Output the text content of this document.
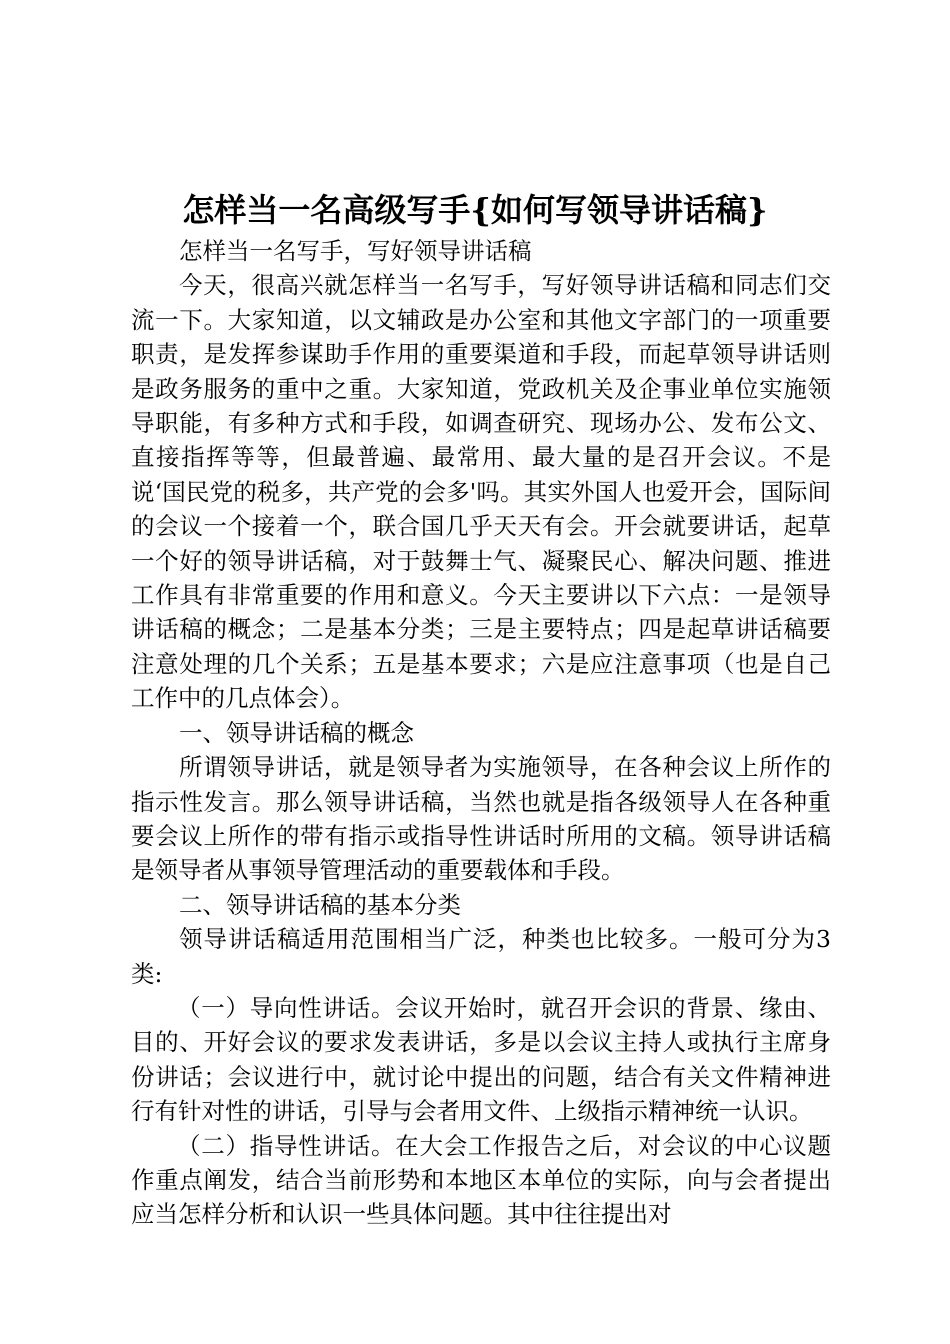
怎样当一名高级写手{如何写领导讲话稿}

怎样当一名写手，写好领导讲话稿

今天，很高兴就怎样当一名写手，写好领导讲话稿和同志们交流一下。大家知道，以文辅政是办公室和其他文字部门的一项重要职责，是发挥参谋助手作用的重要渠道和手段，而起草领导讲话则是政务服务的重中之重。大家知道，党政机关及企事业单位实施领导职能，有多种方式和手段，如调查研究、现场办公、发布公文、直接指挥等等，但最普遍、最常用、最大量的是召开会议。不是说‘国民党的税多，共产党的会多'吗。其实外国人也爱开会，国际间的会议一个接着一个，联合国几乎天天有会。开会就要讲话，起草一个好的领导讲话稿，对于鼓舞士气、凝聚民心、解决问题、推进工作具有非常重要的作用和意义。今天主要讲以下六点：一是领导讲话稿的概念；二是基本分类；三是主要特点；四是起草讲话稿要注意处理的几个关系；五是基本要求；六是应注意事项（也是自己工作中的几点体会）。

一、领导讲话稿的概念

所谓领导讲话，就是领导者为实施领导，在各种会议上所作的指示性发言。那么领导讲话稿，当然也就是指各级领导人在各种重要会议上所作的带有指示或指导性讲话时所用的文稿。领导讲话稿是领导者从事领导管理活动的重要载体和手段。

二、领导讲话稿的基本分类

领导讲话稿适用范围相当广泛，种类也比较多。一般可分为3类:

（一）导向性讲话。会议开始时，就召开会识的背景、缘由、目的、开好会议的要求发表讲话，多是以会议主持人或执行主席身份讲话；会议进行中，就讨论中提出的问题，结合有关文件精神进行有针对性的讲话，引导与会者用文件、上级指示精神统一认识。

（二）指导性讲话。在大会工作报告之后，对会议的中心议题作重点阐发，结合当前形势和本地区本单位的实际，向与会者提出应当怎样分析和认识一些具体问题。其中往往提出对
